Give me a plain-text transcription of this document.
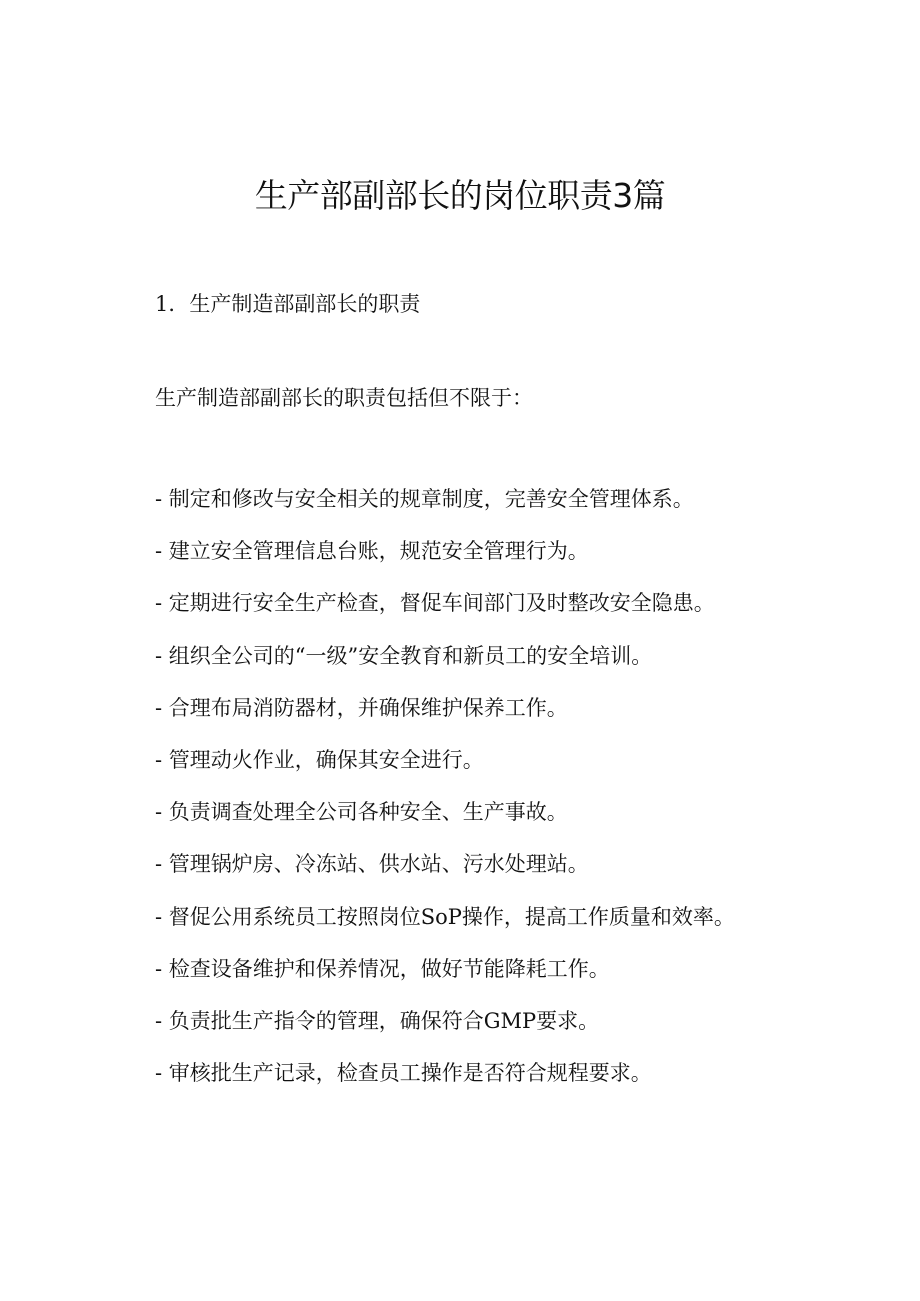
生产部副部长的岗位职责3篇
1．生产制造部副部长的职责
生产制造部副部长的职责包括但不限于：
- 制定和修改与安全相关的规章制度，完善安全管理体系。
- 建立安全管理信息台账，规范安全管理行为。
- 定期进行安全生产检查，督促车间部门及时整改安全隐患。
- 组织全公司的“一级”安全教育和新员工的安全培训。
- 合理布局消防器材，并确保维护保养工作。
- 管理动火作业，确保其安全进行。
- 负责调查处理全公司各种安全、生产事故。
- 管理锅炉房、冷冻站、供水站、污水处理站。
- 督促公用系统员工按照岗位SoP操作，提高工作质量和效率。
- 检查设备维护和保养情况，做好节能降耗工作。
- 负责批生产指令的管理，确保符合GMP要求。
- 审核批生产记录，检查员工操作是否符合规程要求。
